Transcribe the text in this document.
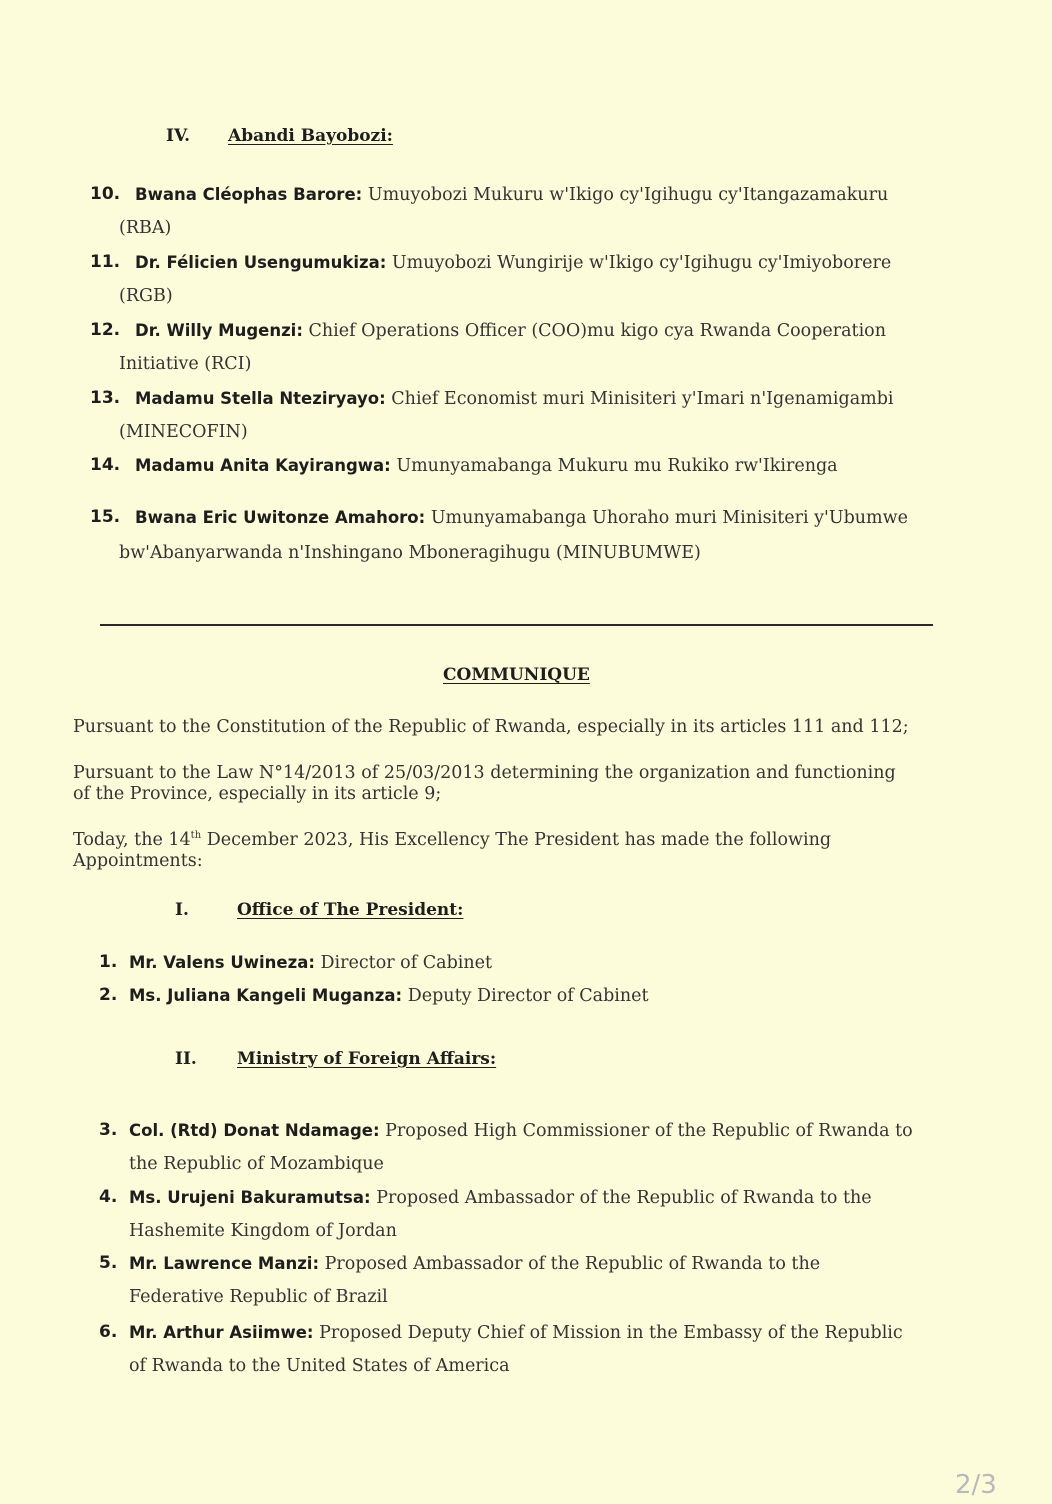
IV. Abandi Bayobozi:
10. Bwana Cléophas Barore: Umuyobozi Mukuru w'Ikigo cy'Igihugu cy'Itangazamakuru
(RBA)
11. Dr. Félicien Usengumukiza: Umuyobozi Wungirije w'Ikigo cy'Igihugu cy'Imiyoborere
(RGB)
12. Dr. Willy Mugenzi: Chief Operations Officer (COO)mu kigo cya Rwanda Cooperation
Initiative (RCI)
13. Madamu Stella Nteziryayo: Chief Economist muri Minisiteri y'Imari n'Igenamigambi
(MINECOFIN)
14. Madamu Anita Kayirangwa: Umunyamabanga Mukuru mu Rukiko rw'Ikirenga
15. Bwana Eric Uwitonze Amahoro: Umunyamabanga Uhoraho muri Minisiteri y'Ubumwe
bw'Abanyarwanda n'Inshingano Mboneragihugu (MINUBUMWE)
COMMUNIQUE
Pursuant to the Constitution of the Republic of Rwanda, especially in its articles 111 and 112;
Pursuant to the Law N°14/2013 of 25/03/2013 determining the organization and functioning
of the Province, especially in its article 9;
Today, the 14th December 2023, His Excellency The President has made the following
Appointments:
I.	Office of The President:
1. Mr. Valens Uwineza: Director of Cabinet
2. Ms. Juliana Kangeli Muganza: Deputy Director of Cabinet
II. Ministry of Foreign Affairs:
3. Col. (Rtd) Donat Ndamage: Proposed High Commissioner of the Republic of Rwanda to
the Republic of Mozambique
4. Ms. Urujeni Bakuramutsa: Proposed Ambassador of the Republic of Rwanda to the
Hashemite Kingdom of Jordan
5. Mr. Lawrence Manzi: Proposed Ambassador of the Republic of Rwanda to the
Federative Republic of Brazil
6. Mr. Arthur Asiimwe: Proposed Deputy Chief of Mission in the Embassy of the Republic
of Rwanda to the United States of America
2/3
